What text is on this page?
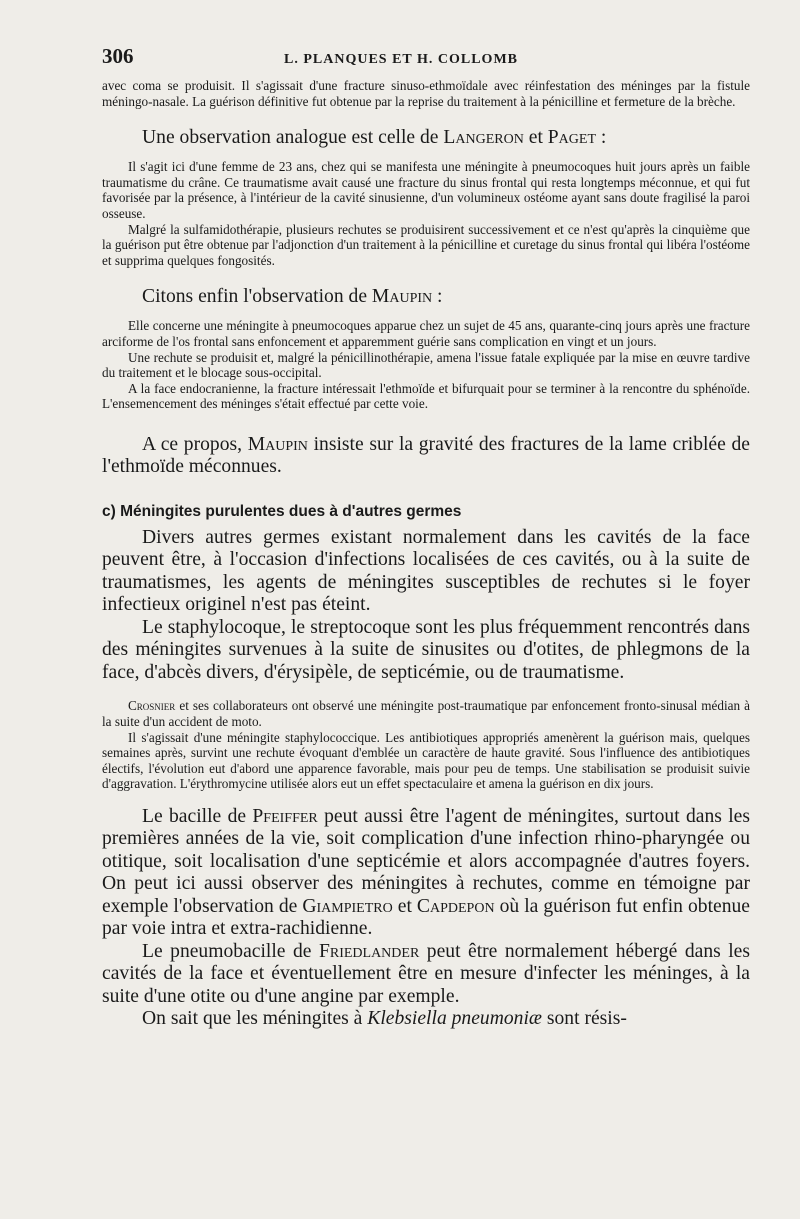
306	L. PLANQUES ET H. COLLOMB

avec coma se produisit. Il s'agissait d'une fracture sinuso-ethmoïdale avec réinfestation des méninges par la fistule méningo-nasale. La guérison définitive fut obtenue par la reprise du traitement à la pénicilline et fermeture de la brèche.

Une observation analogue est celle de Langeron et Paget :

Il s'agit ici d'une femme de 23 ans, chez qui se manifesta une méningite à pneumocoques huit jours après un faible traumatisme du crâne. Ce traumatisme avait causé une fracture du sinus frontal qui resta longtemps méconnue, et qui fut favorisée par la présence, à l'intérieur de la cavité sinusienne, d'un volumineux ostéome ayant sans doute fragilisé la paroi osseuse.

Malgré la sulfamidothérapie, plusieurs rechutes se produisirent successivement et ce n'est qu'après la cinquième que la guérison put être obtenue par l'adjonction d'un traitement à la pénicilline et curetage du sinus frontal qui libéra l'ostéome et supprima quelques fongosités.

Citons enfin l'observation de Maupin :

Elle concerne une méningite à pneumocoques apparue chez un sujet de 45 ans, quarante-cinq jours après une fracture arciforme de l'os frontal sans enfoncement et apparemment guérie sans complication en vingt et un jours.

Une rechute se produisit et, malgré la pénicillinothérapie, amena l'issue fatale expliquée par la mise en œuvre tardive du traitement et le blocage sous-occipital.

A la face endocranienne, la fracture intéressait l'ethmoïde et bifurquait pour se terminer à la rencontre du sphénoïde. L'ensemencement des méninges s'était effectué par cette voie.

A ce propos, Maupin insiste sur la gravité des fractures de la lame criblée de l'ethmoïde méconnues.

c) Méningites purulentes dues à d'autres germes

Divers autres germes existant normalement dans les cavités de la face peuvent être, à l'occasion d'infections localisées de ces cavités, ou à la suite de traumatismes, les agents de méningites susceptibles de rechutes si le foyer infectieux originel n'est pas éteint.

Le staphylocoque, le streptocoque sont les plus fréquemment rencontrés dans des méningites survenues à la suite de sinusites ou d'otites, de phlegmons de la face, d'abcès divers, d'érysipèle, de septicémie, ou de traumatisme.

Crosnier et ses collaborateurs ont observé une méningite post-traumatique par enfoncement fronto-sinusal médian à la suite d'un accident de moto.

Il s'agissait d'une méningite staphylococcique. Les antibiotiques appropriés amenèrent la guérison mais, quelques semaines après, survint une rechute évoquant d'emblée un caractère de haute gravité. Sous l'influence des antibiotiques électifs, l'évolution eut d'abord une apparence favorable, mais pour peu de temps. Une stabilisation se produisit suivie d'aggravation. L'érythromycine utilisée alors eut un effet spectaculaire et amena la guérison en dix jours.

Le bacille de Pfeiffer peut aussi être l'agent de méningites, surtout dans les premières années de la vie, soit complication d'une infection rhino-pharyngée ou otitique, soit localisation d'une septicémie et alors accompagnée d'autres foyers. On peut ici aussi observer des méningites à rechutes, comme en témoigne par exemple l'observation de Giampietro et Capdepon où la guérison fut enfin obtenue par voie intra et extra-rachidienne.

Le pneumobacille de Friedlander peut être normalement hébergé dans les cavités de la face et éventuellement être en mesure d'infecter les méninges, à la suite d'une otite ou d'une angine par exemple.

On sait que les méningites à Klebsiella pneumoniæ sont résis-
